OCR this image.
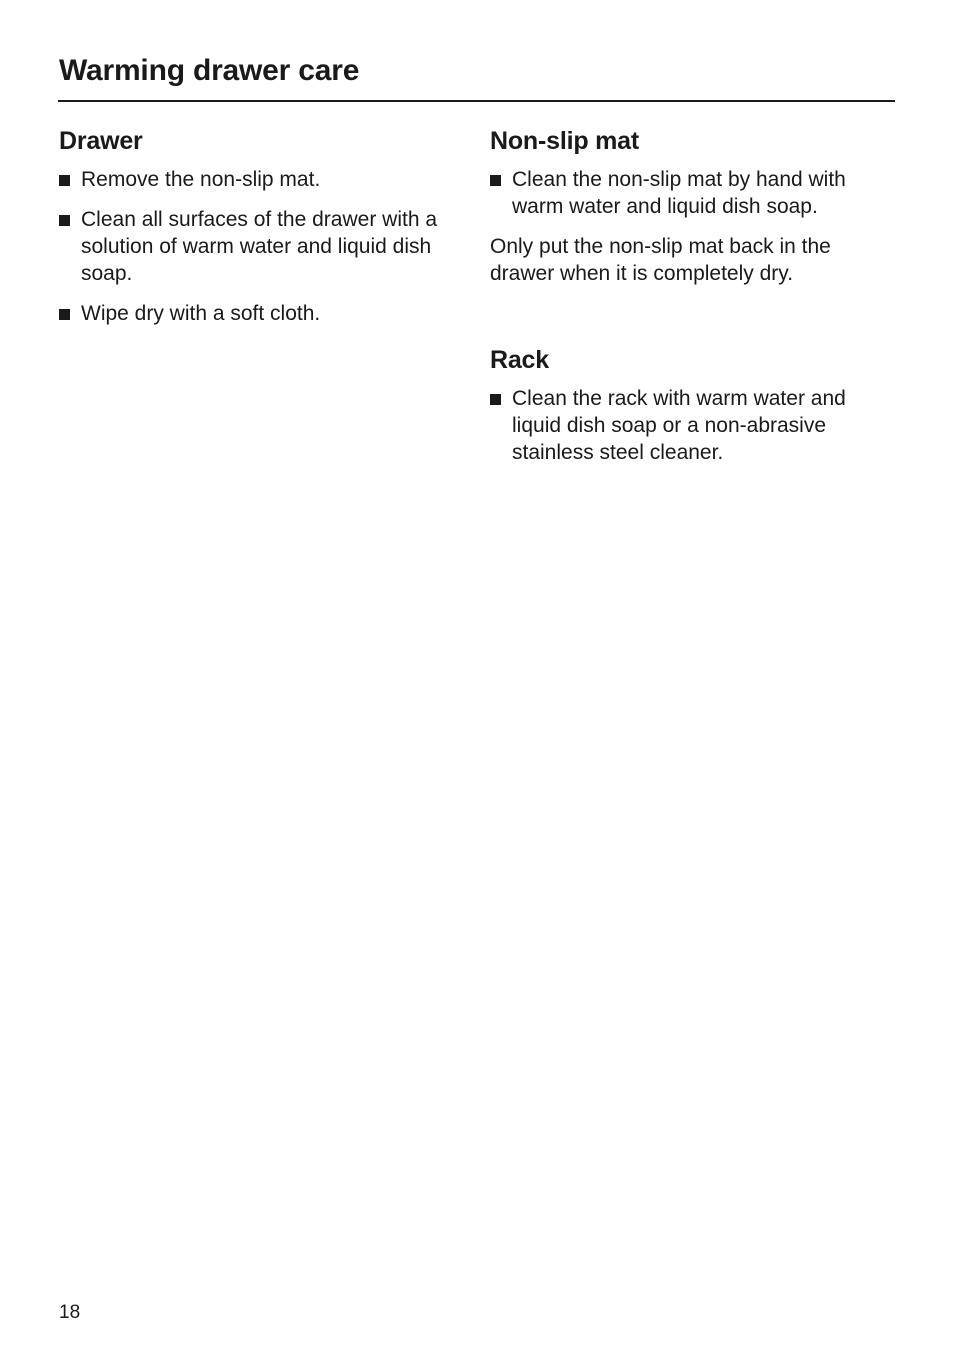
Warming drawer care
Drawer
Remove the non-slip mat.
Clean all surfaces of the drawer with a solution of warm water and liquid dish soap.
Wipe dry with a soft cloth.
Non-slip mat
Clean the non-slip mat by hand with warm water and liquid dish soap.

Only put the non-slip mat back in the drawer when it is completely dry.

Rack
Clean the rack with warm water and liquid dish soap or a non-abrasive stainless steel cleaner.
18
